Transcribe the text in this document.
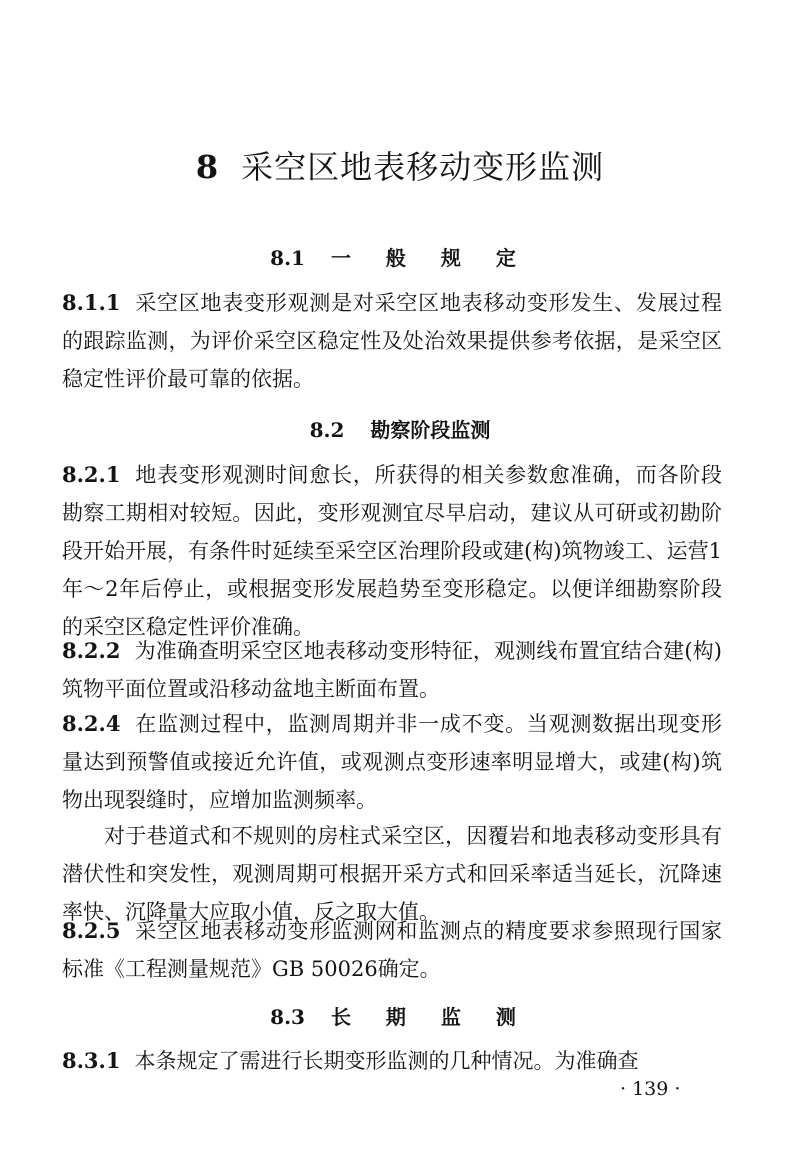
8 采空区地表移动变形监测
8.1 一 般 规 定

8.1.1 采空区地表变形观测是对采空区地表移动变形发生、发展过程的跟踪监测，为评价采空区稳定性及处治效果提供参考依据，是采空区稳定性评价最可靠的依据。

8.2 勘察阶段监测

8.2.1 地表变形观测时间愈长，所获得的相关参数愈准确，而各阶段勘察工期相对较短。因此，变形观测宜尽早启动，建议从可研或初勘阶段开始开展，有条件时延续至采空区治理阶段或建(构)筑物竣工、运营1年～2年后停止，或根据变形发展趋势至变形稳定。以便详细勘察阶段的采空区稳定性评价准确。

8.2.2 为准确查明采空区地表移动变形特征，观测线布置宜结合建(构)筑物平面位置或沿移动盆地主断面布置。

8.2.4 在监测过程中，监测周期并非一成不变。当观测数据出现变形量达到预警值或接近允许值，或观测点变形速率明显增大，或建(构)筑物出现裂缝时，应增加监测频率。

对于巷道式和不规则的房柱式采空区，因覆岩和地表移动变形具有潜伏性和突发性，观测周期可根据开采方式和回采率适当延长，沉降速率快、沉降量大应取小值，反之取大值。

8.2.5 采空区地表移动变形监测网和监测点的精度要求参照现行国家标准《工程测量规范》GB 50026确定。

8.3 长 期 监 测

8.3.1 本条规定了需进行长期变形监测的几种情况。为准确查

· 139 ·
